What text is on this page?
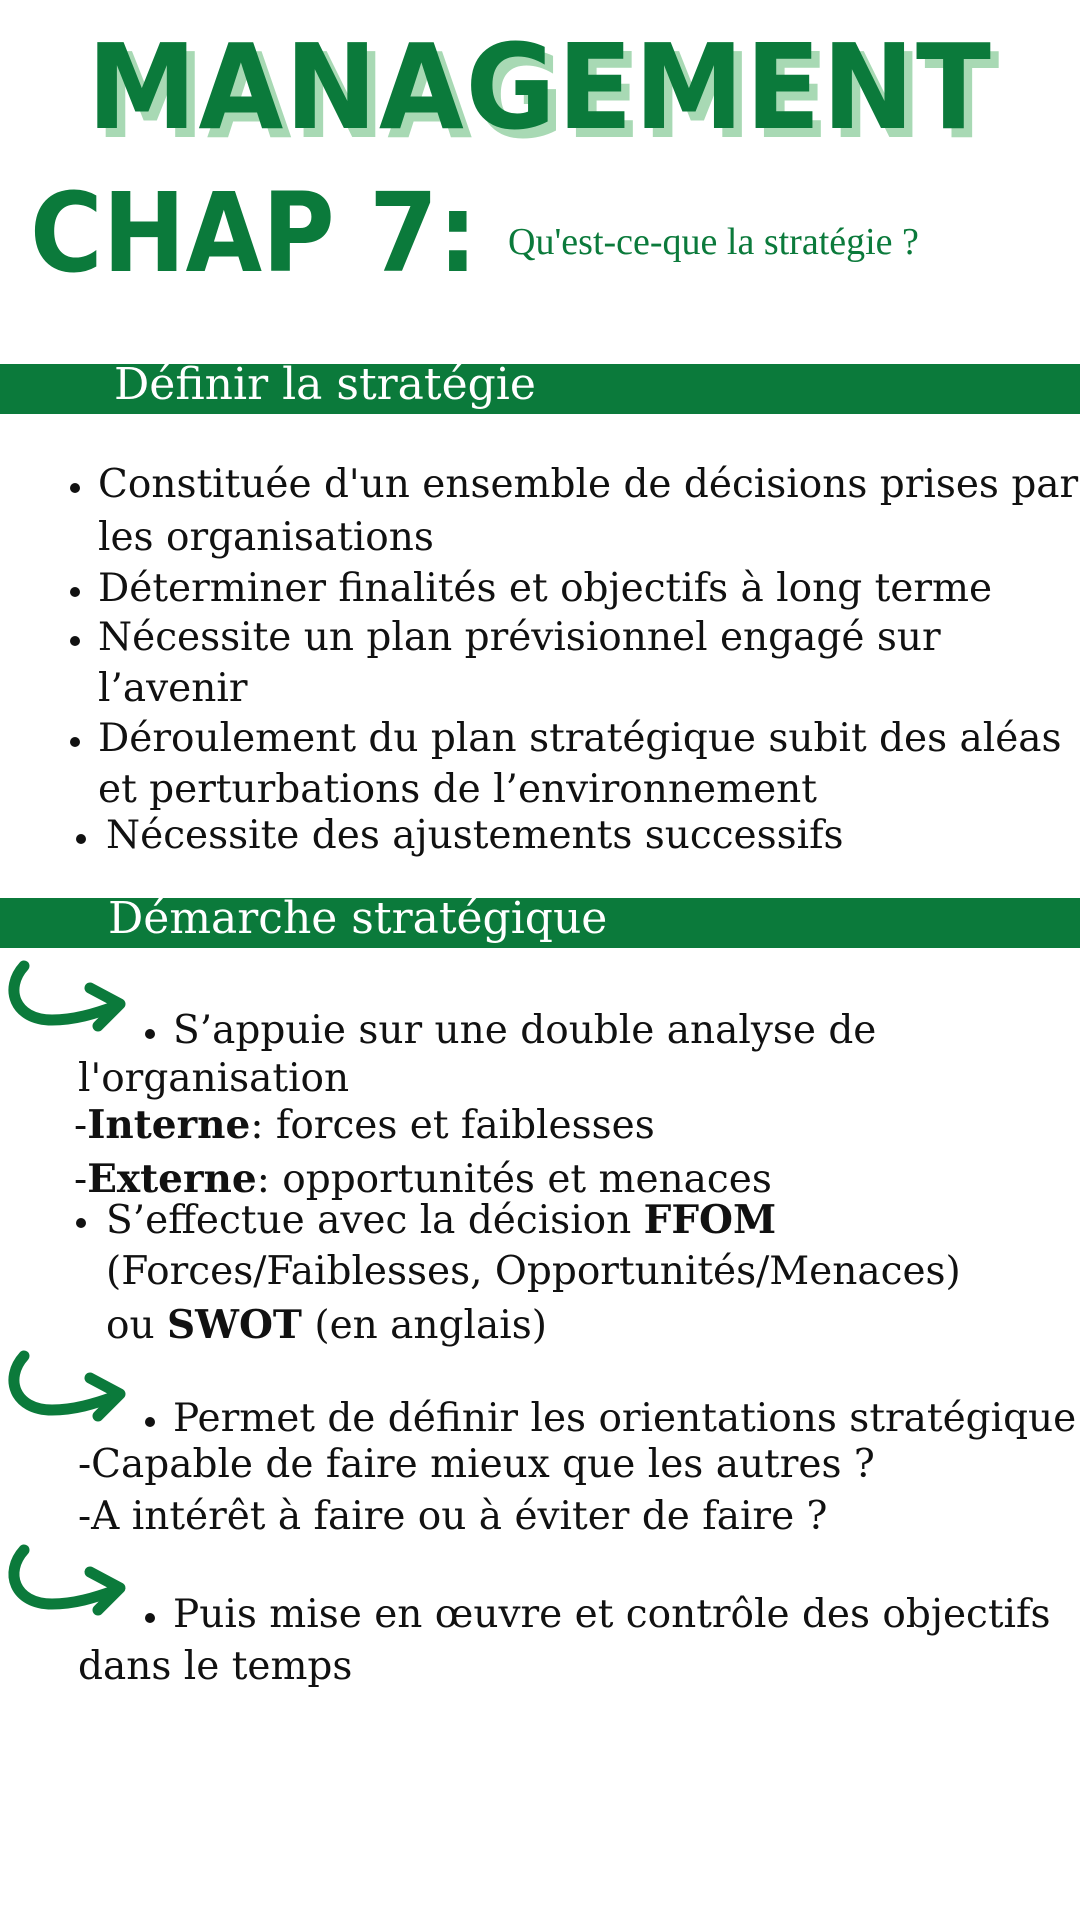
MANAGEMENT
CHAP 7: Qu'est-ce-que la stratégie ?
Définir la stratégie
Constituée d'un ensemble de décisions prises par
les organisations
Déterminer finalités et objectifs à long terme
Nécessite un plan prévisionnel engagé sur
l’avenir
Déroulement du plan stratégique subit des aléas
et perturbations de l’environnement
Nécessite des ajustements successifs
Démarche stratégique
S’appuie sur une double analyse de
l'organisation
-Interne: forces et faiblesses
-Externe: opportunités et menaces
S’effectue avec la décision FFOM
(Forces/Faiblesses, Opportunités/Menaces)
ou SWOT (en anglais)
Permet de définir les orientations stratégique
-Capable de faire mieux que les autres ?
-A intérêt à faire ou à éviter de faire ?
Puis mise en œuvre et contrôle des objectifs
dans le temps
